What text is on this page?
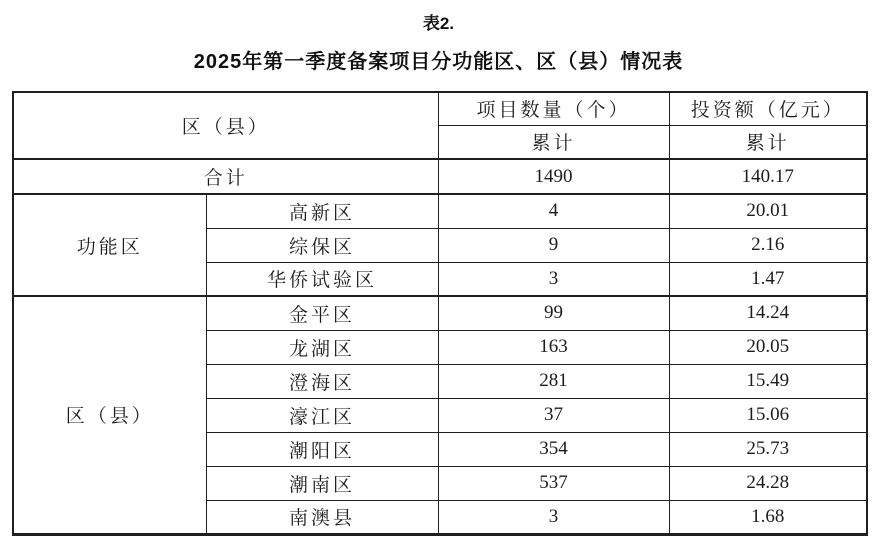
表2.
2025年第一季度备案项目分功能区、区（县）情况表
区（县）		项目数量（个）	投资额（亿元）
		累计	累计
合计		1490	140.17
功能区	高新区	4	20.01
	综保区	9	2.16
	华侨试验区	3	1.47
区（县）	金平区	99	14.24
	龙湖区	163	20.05
	澄海区	281	15.49
	濠江区	37	15.06
	潮阳区	354	25.73
	潮南区	537	24.28
	南澳县	3	1.68
